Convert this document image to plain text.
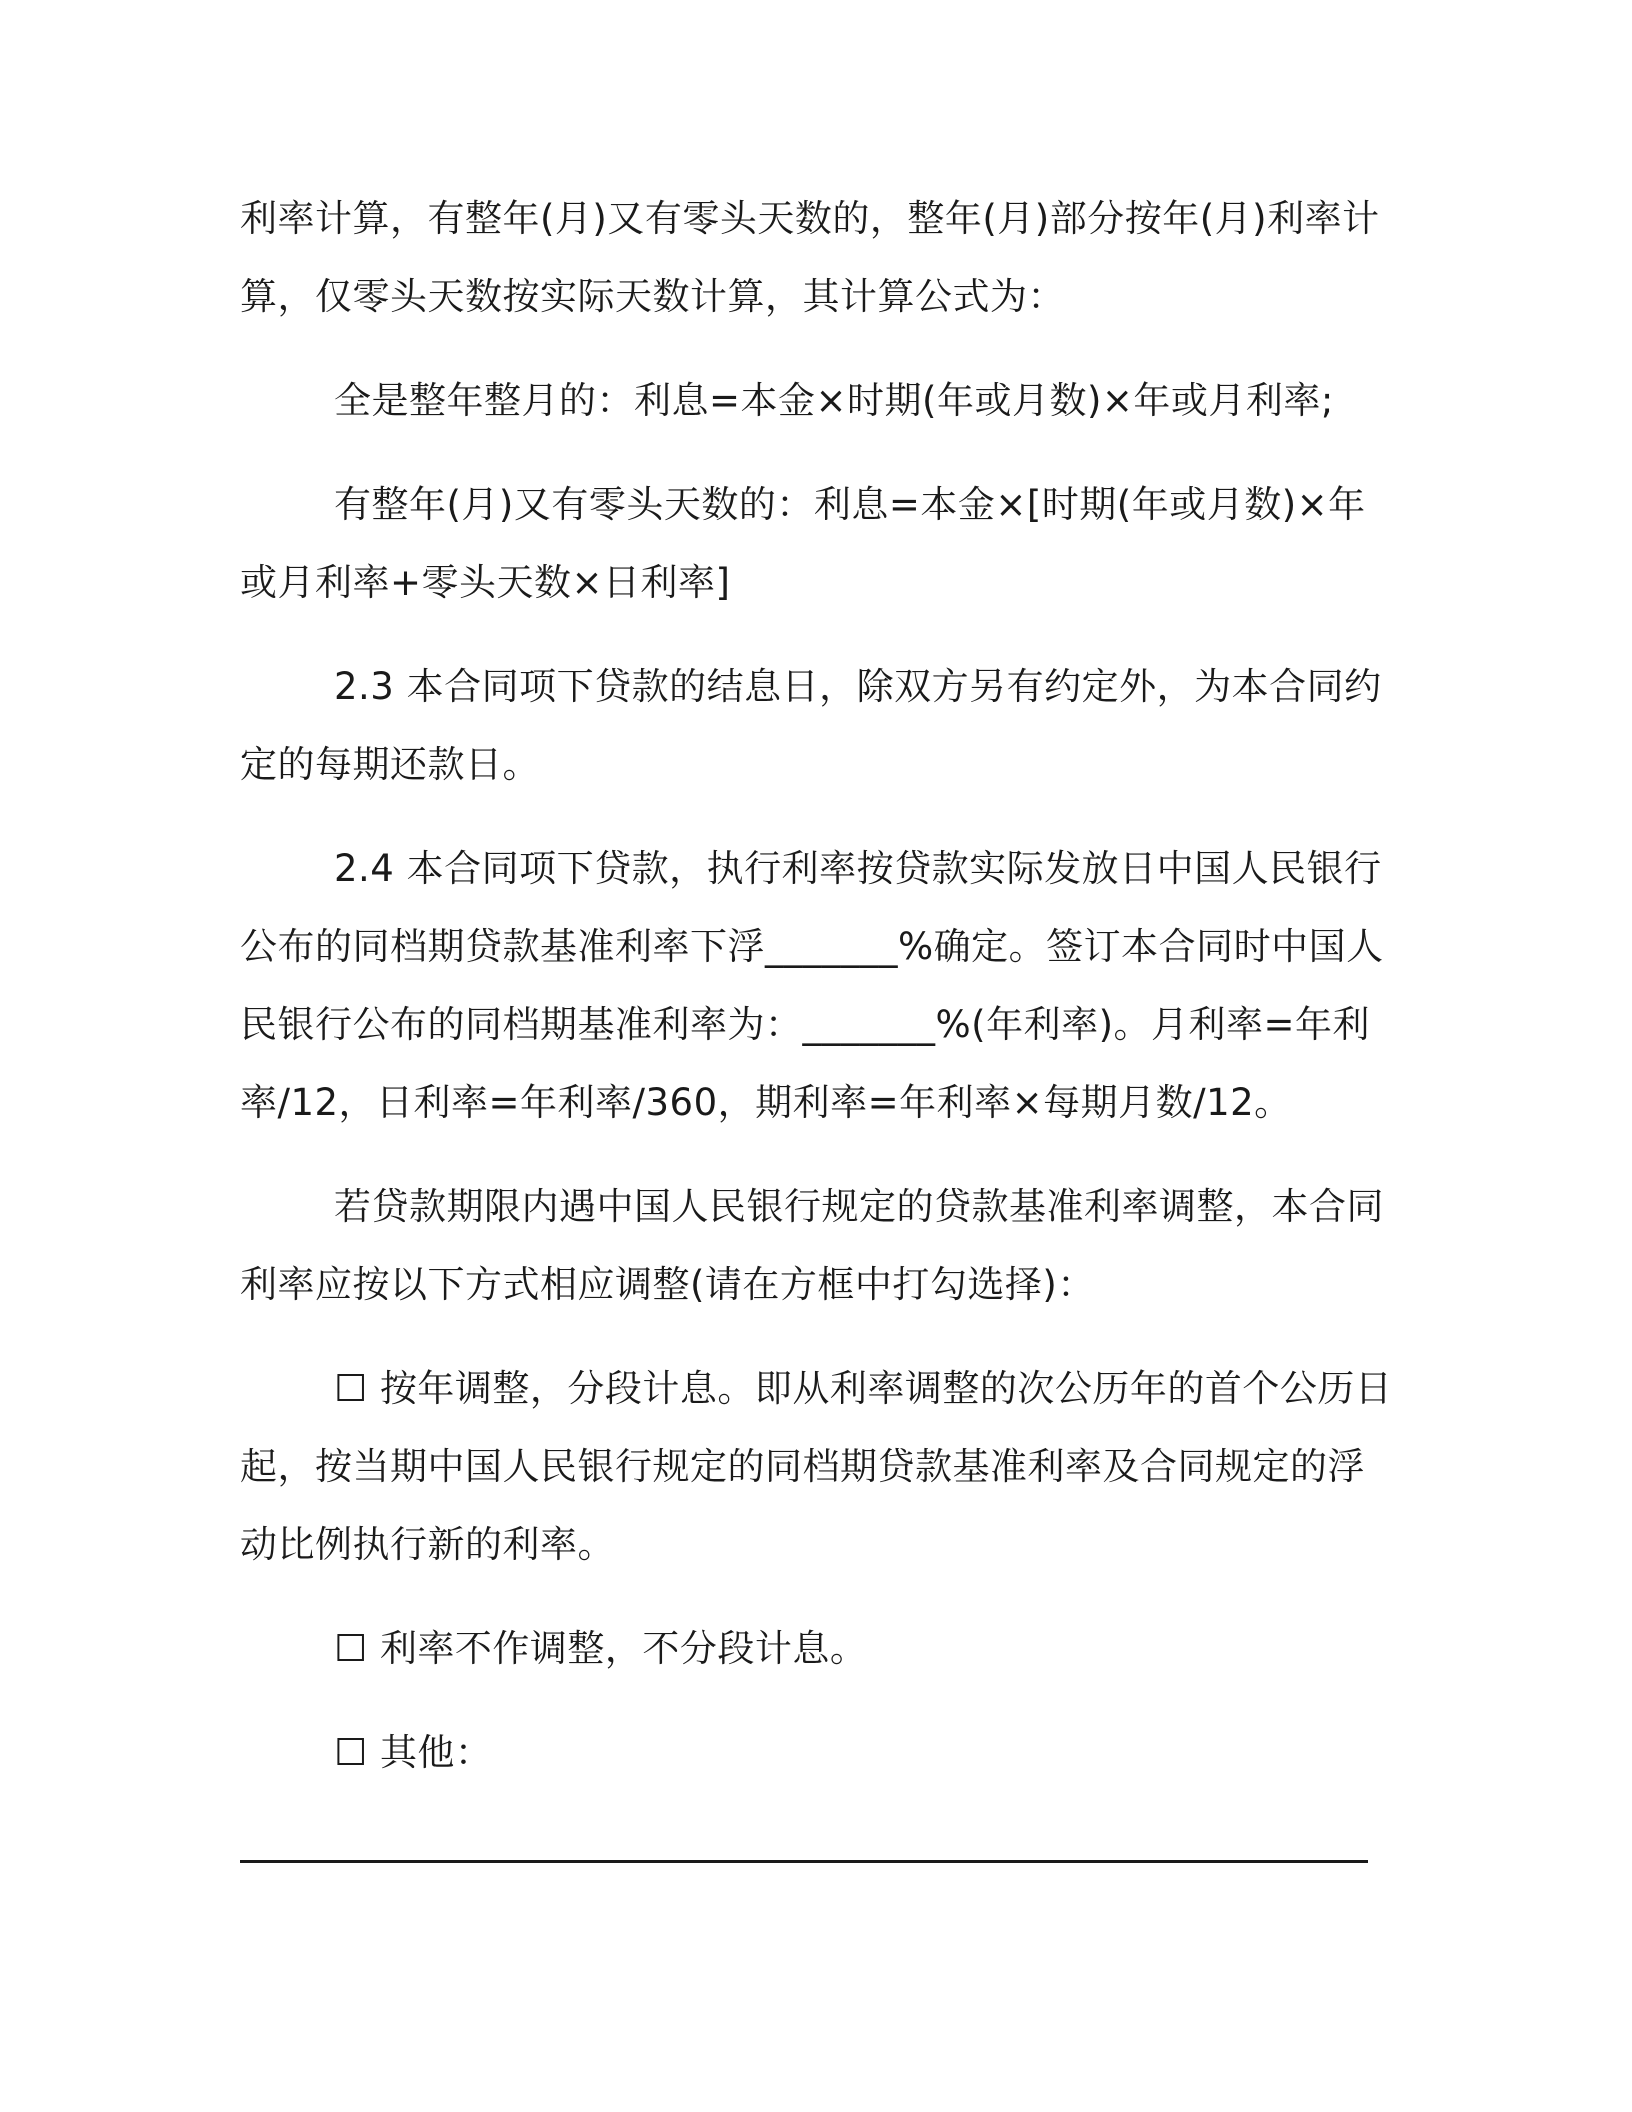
利率计算，有整年(月)又有零头天数的，整年(月)部分按年(月)利率计算，仅零头天数按实际天数计算，其计算公式为：

全是整年整月的：利息=本金×时期(年或月数)×年或月利率;

有整年(月)又有零头天数的：利息=本金×[时期(年或月数)×年或月利率+零头天数×日利率]

2.3 本合同项下贷款的结息日，除双方另有约定外，为本合同约定的每期还款日。

2.4 本合同项下贷款，执行利率按贷款实际发放日中国人民银行公布的同档期贷款基准利率下浮_______%确定。签订本合同时中国人民银行公布的同档期基准利率为：_______%(年利率)。月利率=年利率/12，日利率=年利率/360，期利率=年利率×每期月数/12。

若贷款期限内遇中国人民银行规定的贷款基准利率调整，本合同利率应按以下方式相应调整(请在方框中打勾选择)：

☐ 按年调整，分段计息。即从利率调整的次公历年的首个公历日起，按当期中国人民银行规定的同档期贷款基准利率及合同规定的浮动比例执行新的利率。

☐ 利率不作调整，不分段计息。

☐ 其他：
